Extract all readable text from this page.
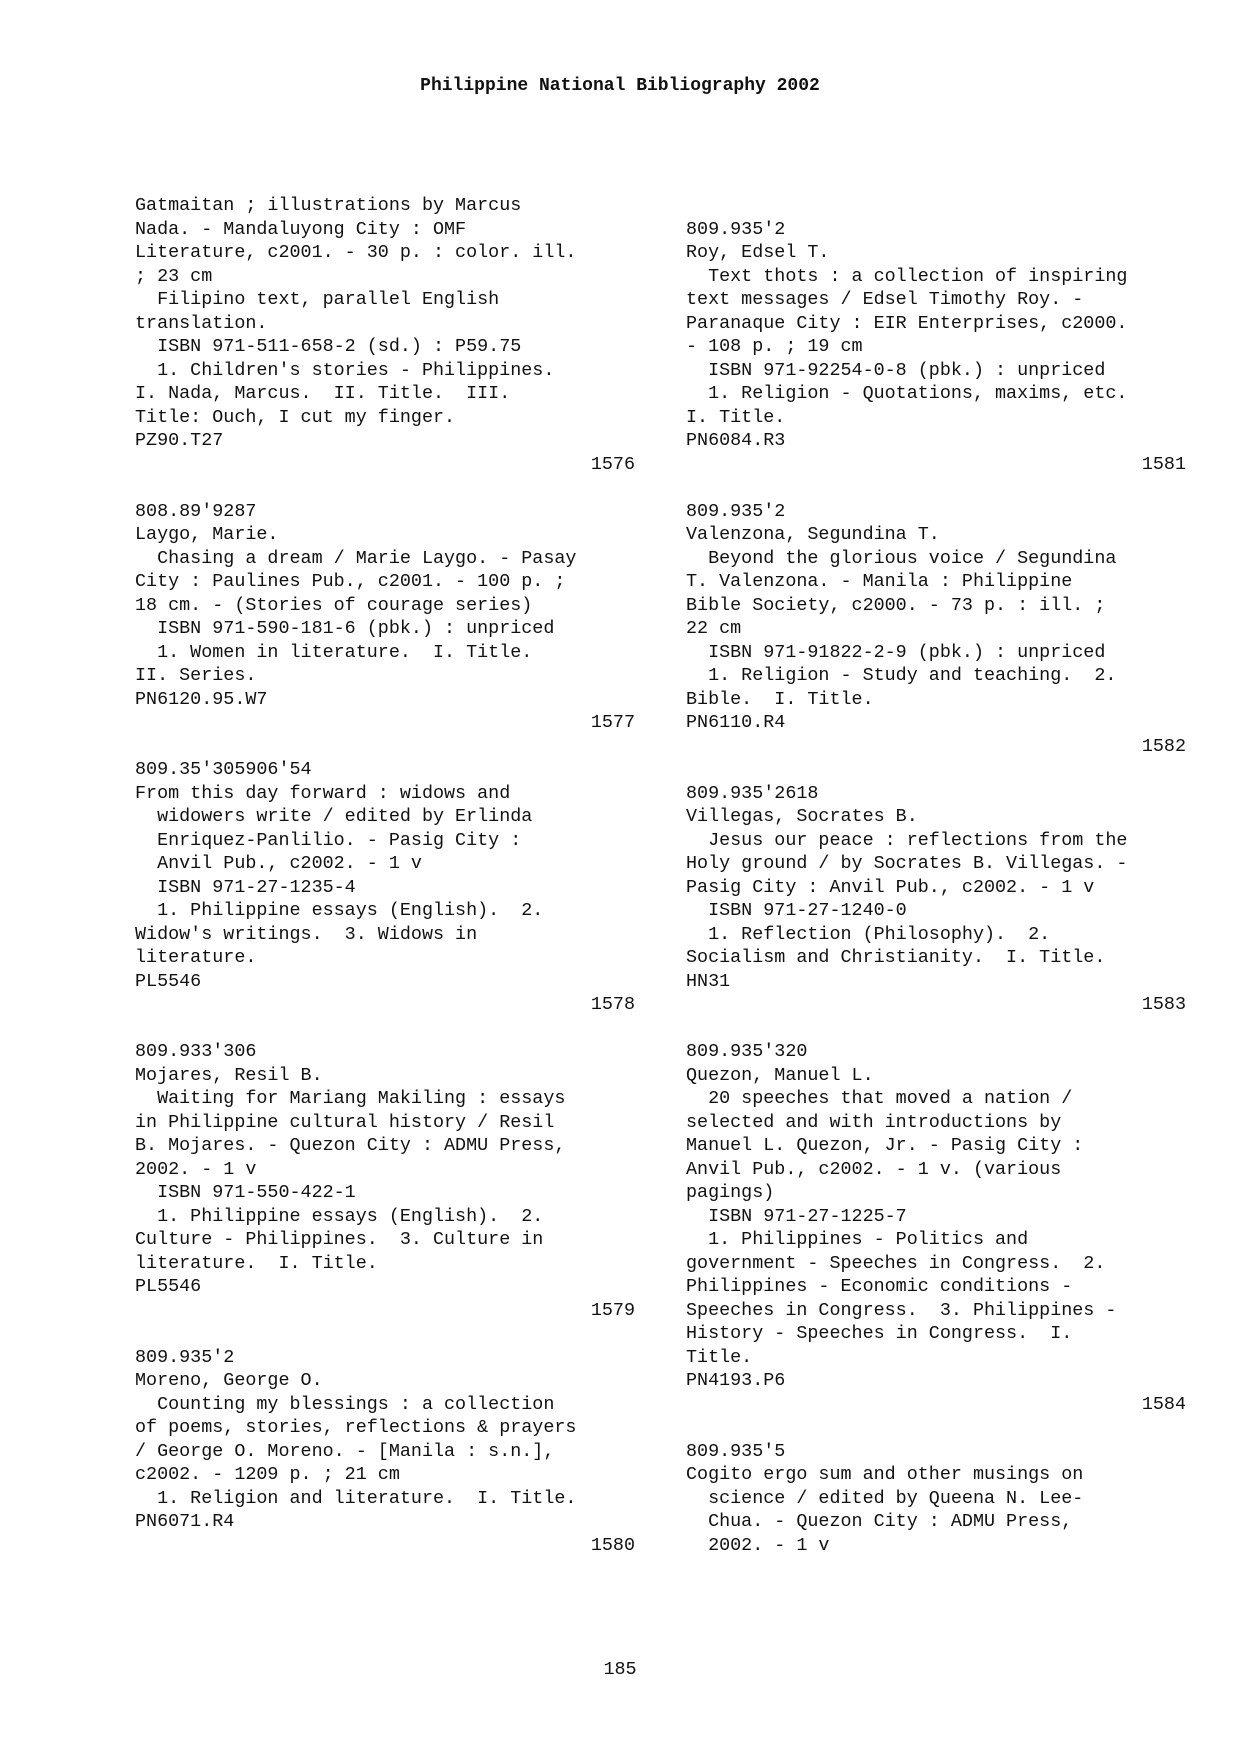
Philippine National Bibliography 2002
Gatmaitan ; illustrations by Marcus
Nada. - Mandaluyong City : OMF
Literature, c2001. - 30 p. : color. ill.
; 23 cm
Filipino text, parallel English
translation.
ISBN 971-511-658-2 (sd.) : P59.75
1. Children's stories - Philippines.
I. Nada, Marcus.  II. Title.  III.
Title: Ouch, I cut my finger.
PZ90.T27
1576
808.89'9287
Laygo, Marie.
Chasing a dream / Marie Laygo. - Pasay
City : Paulines Pub., c2001. - 100 p. ;
18 cm. - (Stories of courage series)
ISBN 971-590-181-6 (pbk.) : unpriced
1. Women in literature.  I. Title.
II. Series.
PN6120.95.W7
1577
809.35'305906'54
From this day forward : widows and
widowers write / edited by Erlinda
Enriquez-Panlilio. - Pasig City :
Anvil Pub., c2002. - 1 v
ISBN 971-27-1235-4
1. Philippine essays (English).  2.
Widow's writings.  3. Widows in
literature.
PL5546
1578
809.933'306
Mojares, Resil B.
Waiting for Mariang Makiling : essays
in Philippine cultural history / Resil
B. Mojares. - Quezon City : ADMU Press,
2002. - 1 v
ISBN 971-550-422-1
1. Philippine essays (English).  2.
Culture - Philippines.  3. Culture in
literature.  I. Title.
PL5546
1579
809.935'2
Moreno, George O.
Counting my blessings : a collection
of poems, stories, reflections & prayers
/ George O. Moreno. - [Manila : s.n.],
c2002. - 1209 p. ; 21 cm
1. Religion and literature.  I. Title.
PN6071.R4
1580

809.935'2
Roy, Edsel T.
Text thots : a collection of inspiring
text messages / Edsel Timothy Roy. -
Paranaque City : EIR Enterprises, c2000.
- 108 p. ; 19 cm
ISBN 971-92254-0-8 (pbk.) : unpriced
1. Religion - Quotations, maxims, etc.
I. Title.
PN6084.R3
1581
809.935'2
Valenzona, Segundina T.
Beyond the glorious voice / Segundina
T. Valenzona. - Manila : Philippine
Bible Society, c2000. - 73 p. : ill. ;
22 cm
ISBN 971-91822-2-9 (pbk.) : unpriced
1. Religion - Study and teaching.  2.
Bible.  I. Title.
PN6110.R4
1582
809.935'2618
Villegas, Socrates B.
Jesus our peace : reflections from the
Holy ground / by Socrates B. Villegas. -
Pasig City : Anvil Pub., c2002. - 1 v
ISBN 971-27-1240-0
1. Reflection (Philosophy).  2.
Socialism and Christianity.  I. Title.
HN31
1583
809.935'320
Quezon, Manuel L.
20 speeches that moved a nation /
selected and with introductions by
Manuel L. Quezon, Jr. - Pasig City :
Anvil Pub., c2002. - 1 v. (various
pagings)
ISBN 971-27-1225-7
1. Philippines - Politics and
government - Speeches in Congress.  2.
Philippines - Economic conditions -
Speeches in Congress.  3. Philippines -
History - Speeches in Congress.  I.
Title.
PN4193.P6
1584
809.935'5
Cogito ergo sum and other musings on
science / edited by Queena N. Lee-
Chua. - Quezon City : ADMU Press,
2002. - 1 v
185
